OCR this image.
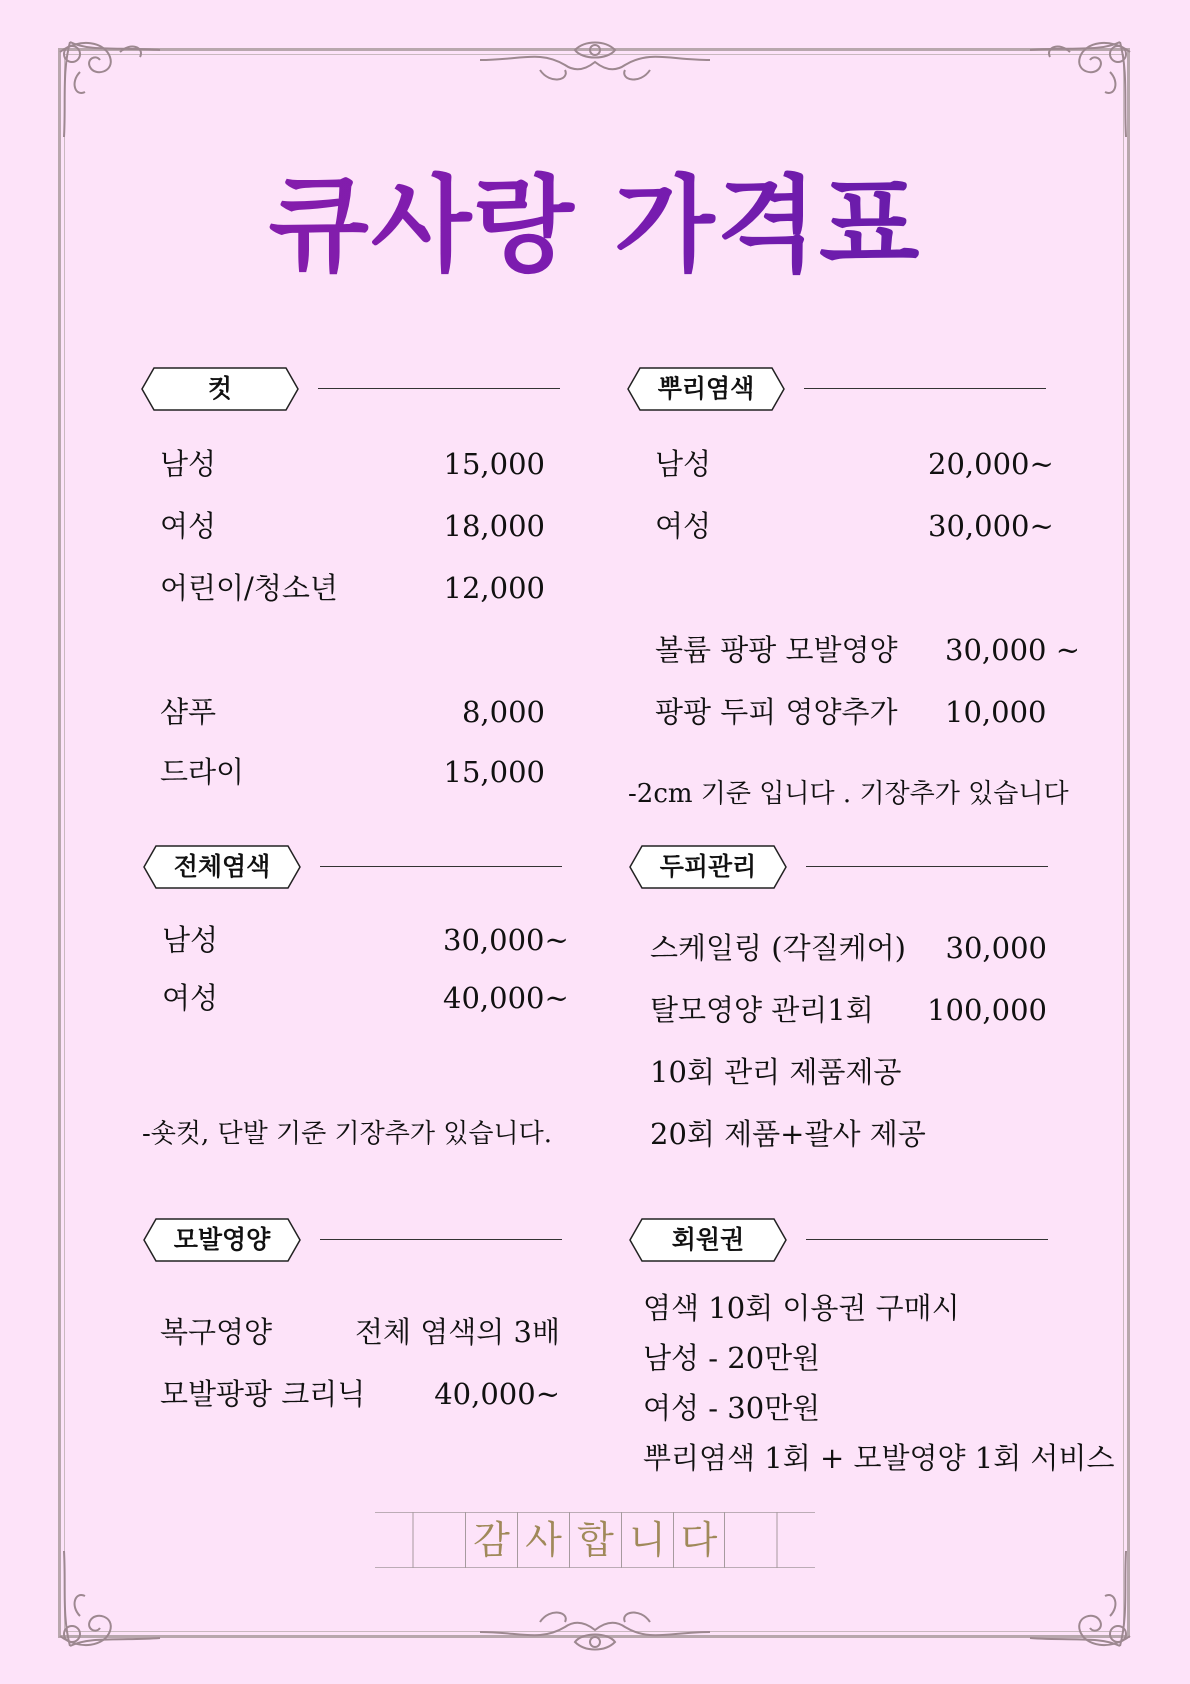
큐사랑 가격표
컷
남성	15,000
여성	18,000
어린이/청소년	12,000
샴푸	8,000
드라이	15,000
뿌리염색
남성	20,000~
여성	30,000~
볼륨 팡팡 모발영양 30,000 ~
팡팡 두피 영양추가 10,000
-2cm 기준 입니다 . 기장추가 있습니다
전체염색
남성	30,000~
여성	40,000~
-숏컷, 단발 기준 기장추가 있습니다.
두피관리
스케일링 (각질케어)	30,000
탈모영양 관리1회	100,000
10회 관리 제품제공
20회 제품+괄사 제공
모발영양
복구영양	전체 염색의 3배
모발팡팡 크리닉	40,000~
회원권
염색 10회 이용권 구매시
남성 - 20만원
여성 - 30만원
뿌리염색 1회 + 모발영양 1회 서비스
감 사 합 니 다
